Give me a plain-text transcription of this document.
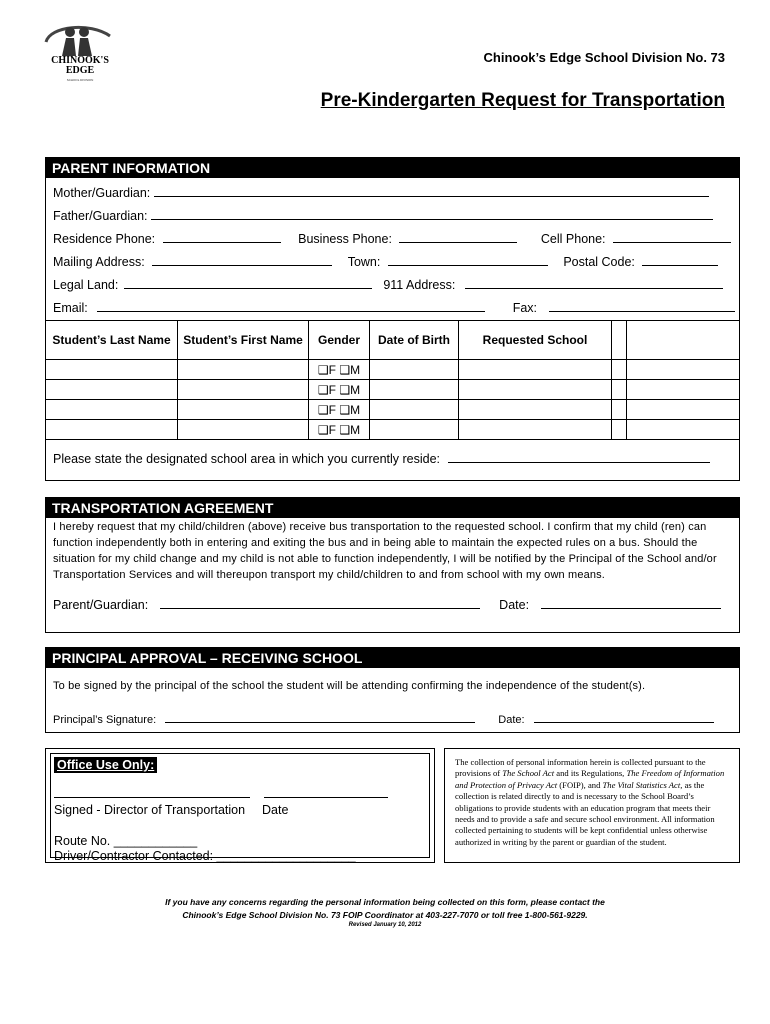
CHINOOK'S EDGE
SCHOOL DIVISION
Chinook’s Edge School Division No. 73
Pre-Kindergarten Request for Transportation
PARENT INFORMATION
Mother/Guardian:
Father/Guardian:
Residence Phone:	Business Phone:	Cell Phone:
Mailing Address:	Town:	Postal Code:
Legal Land:	911 Address:
Email:	Fax:
Student’s Last Name	Student’s First Name	Gender	Date of Birth	Requested School		
		❑F ❑M				
		❑F ❑M				
		❑F ❑M				
		❑F ❑M				
Please state the designated school area in which you currently reside:
TRANSPORTATION AGREEMENT
I hereby request that my child/children (above) receive bus transportation to the requested school. I confirm that my child (ren) can function independently both in entering and exiting the bus and in being able to maintain the expected rules on a bus. Should the situation for my child change and my child is not able to function independently, I will be notified by the Principal of the School and/or Transportation Services and will thereupon transport my child/children to and from school with my own means.
Parent/Guardian:	Date:
PRINCIPAL APPROVAL – RECEIVING SCHOOL
To be signed by the principal of the school the student will be attending confirming the independence of the student(s).
Principal’s Signature:	Date:
Office Use Only:
Signed - Director of Transportation Date
Route No. ____________
Driver/Contractor Contacted: ____________________
The collection of personal information herein is collected pursuant to the provisions of The School Act and its Regulations, The Freedom of Information and Protection of Privacy Act (FOIP), and The Vital Statistics Act, as the collection is related directly to and is necessary to the School Board’s obligations to provide students with an education program that meets their needs and to provide a safe and secure school environment. All information collected pertaining to students will be kept confidential unless otherwise authorized in writing by the parent or guardian of the student.
If you have any concerns regarding the personal information being collected on this form, please contact the
Chinook’s Edge School Division No. 73 FOIP Coordinator at 403-227-7070 or toll free 1-800-561-9229.
Revised January 10, 2012
